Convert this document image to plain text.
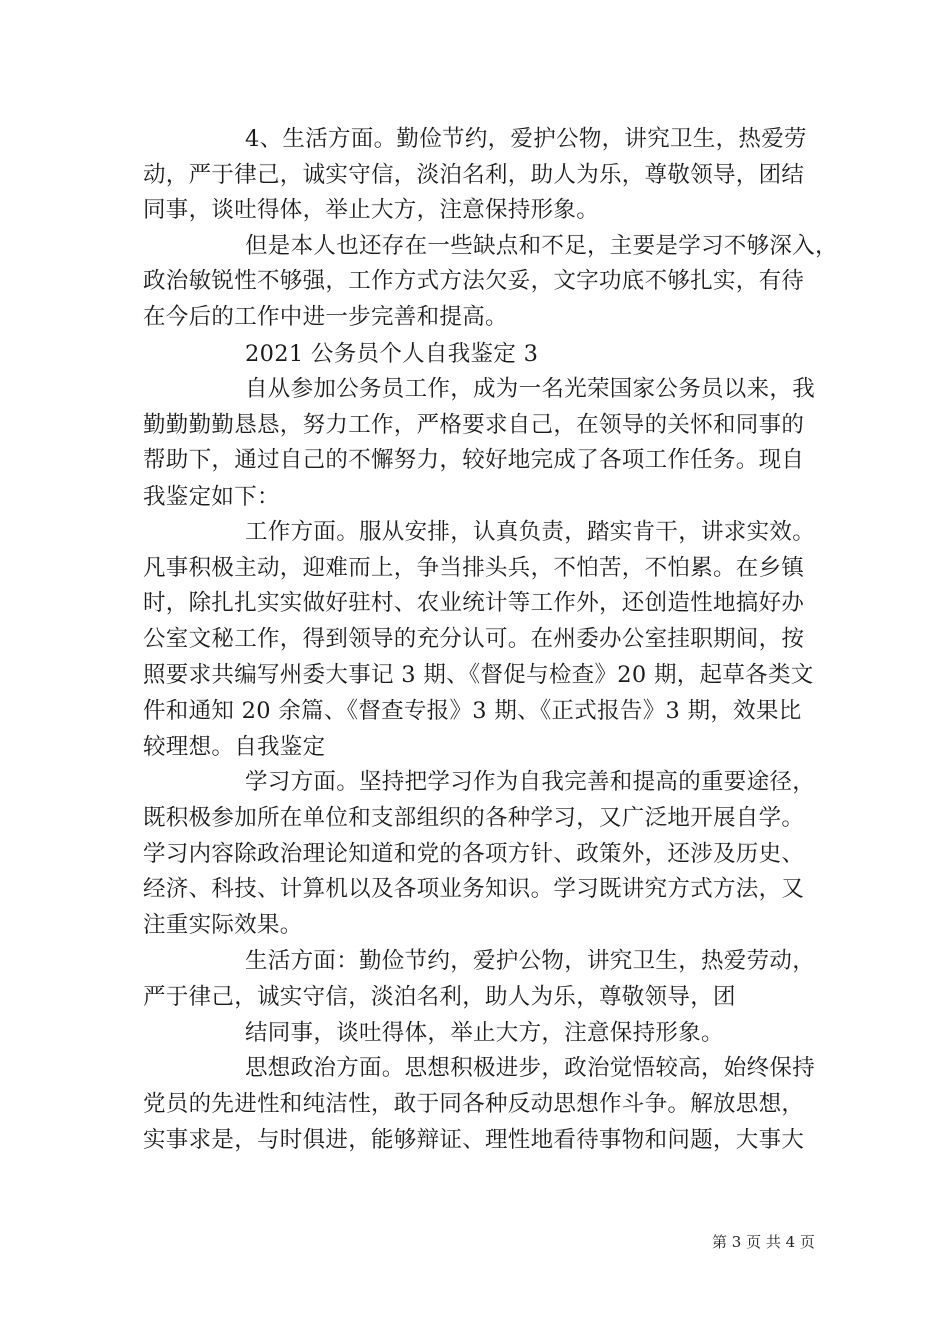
4、生活方面。勤俭节约，爱护公物，讲究卫生，热爱劳
动，严于律己，诚实守信，淡泊名利，助人为乐，尊敬领导，团结
同事，谈吐得体，举止大方，注意保持形象。
但是本人也还存在一些缺点和不足，主要是学习不够深入，
政治敏锐性不够强，工作方式方法欠妥，文字功底不够扎实，有待
在今后的工作中进一步完善和提高。
2021 公务员个人自我鉴定 3
自从参加公务员工作，成为一名光荣国家公务员以来，我
勤勤勤勤恳恳，努力工作，严格要求自己，在领导的关怀和同事的
帮助下，通过自己的不懈努力，较好地完成了各项工作任务。现自
我鉴定如下：
工作方面。服从安排，认真负责，踏实肯干，讲求实效。
凡事积极主动，迎难而上，争当排头兵，不怕苦，不怕累。在乡镇
时，除扎扎实实做好驻村、农业统计等工作外，还创造性地搞好办
公室文秘工作，得到领导的充分认可。在州委办公室挂职期间，按
照要求共编写州委大事记 3 期、《督促与检查》20 期，起草各类文
件和通知 20 余篇、《督查专报》3 期、《正式报告》3 期，效果比
较理想。自我鉴定
学习方面。坚持把学习作为自我完善和提高的重要途径，
既积极参加所在单位和支部组织的各种学习，又广泛地开展自学。
学习内容除政治理论知道和党的各项方针、政策外，还涉及历史、
经济、科技、计算机以及各项业务知识。学习既讲究方式方法，又
注重实际效果。
生活方面：勤俭节约，爱护公物，讲究卫生，热爱劳动，
严于律己，诚实守信，淡泊名利，助人为乐，尊敬领导，团
结同事，谈吐得体，举止大方，注意保持形象。
思想政治方面。思想积极进步，政治觉悟较高，始终保持
党员的先进性和纯洁性，敢于同各种反动思想作斗争。解放思想，
实事求是，与时俱进，能够辩证、理性地看待事物和问题，大事大
第 3 页 共 4 页
